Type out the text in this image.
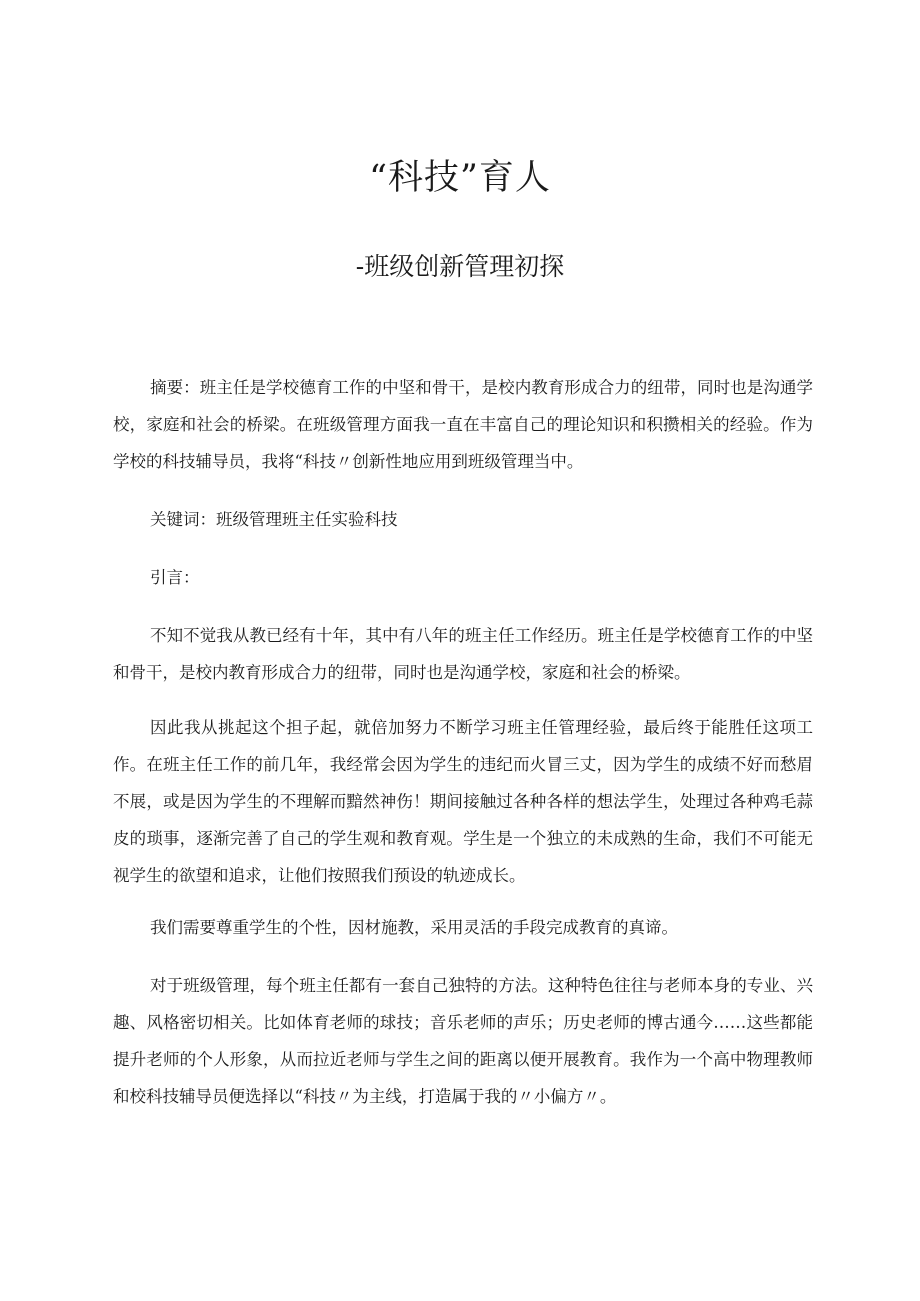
“科技”育人
-班级创新管理初探

摘要：班主任是学校德育工作的中坚和骨干，是校内教育形成合力的纽带，同时也是沟通学校，家庭和社会的桥梁。在班级管理方面我一直在丰富自己的理论知识和积攒相关的经验。作为学校的科技辅导员，我将“科技〃创新性地应用到班级管理当中。

关键词：班级管理班主任实验科技

引言：

不知不觉我从教已经有十年，其中有八年的班主任工作经历。班主任是学校德育工作的中坚和骨干，是校内教育形成合力的纽带，同时也是沟通学校，家庭和社会的桥梁。

因此我从挑起这个担子起，就倍加努力不断学习班主任管理经验，最后终于能胜任这项工作。在班主任工作的前几年，我经常会因为学生的违纪而火冒三丈，因为学生的成绩不好而愁眉不展，或是因为学生的不理解而黯然神伤！期间接触过各种各样的想法学生，处理过各种鸡毛蒜皮的琐事，逐渐完善了自己的学生观和教育观。学生是一个独立的未成熟的生命，我们不可能无视学生的欲望和追求，让他们按照我们预设的轨迹成长。

我们需要尊重学生的个性，因材施教，采用灵活的手段完成教育的真谛。

对于班级管理，每个班主任都有一套自己独特的方法。这种特色往往与老师本身的专业、兴趣、风格密切相关。比如体育老师的球技；音乐老师的声乐；历史老师的博古通今……这些都能提升老师的个人形象，从而拉近老师与学生之间的距离以便开展教育。我作为一个高中物理教师和校科技辅导员便选择以“科技〃为主线，打造属于我的〃小偏方〃。
